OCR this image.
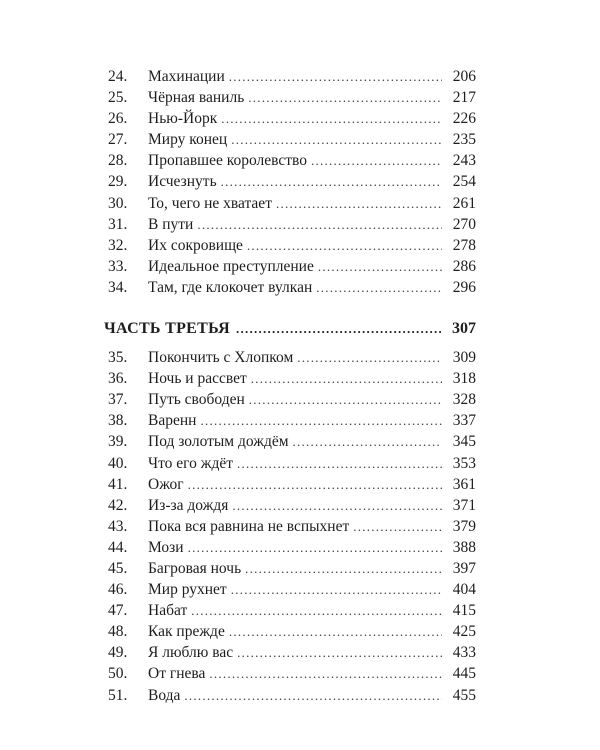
24.	Махинации . . .	206
25.	Чёрная ваниль . . .	217
26.	Нью-Йорк . . .	226
27.	Миру конец . . .	235
28.	Пропавшее королевство . . .	243
29.	Исчезнуть . . .	254
30.	То, чего не хватает . . .	261
31.	В пути . . .	270
32.	Их сокровище . . .	278
33.	Идеальное преступление . . .	286
34.	Там, где клокочет вулкан . . .	296
ЧАСТЬ ТРЕТЬЯ . . .	307
35.	Покончить с Хлопком . . .	309
36.	Ночь и рассвет . . .	318
37.	Путь свободен . . .	328
38.	Варенн . . .	337
39.	Под золотым дождём . . .	345
40.	Что его ждёт . . .	353
41.	Ожог . . .	361
42.	Из-за дождя . . .	371
43.	Пока вся равнина не вспыхнет . . .	379
44.	Мози . . .	388
45.	Багровая ночь . . .	397
46.	Мир рухнет . . .	404
47.	Набат . . .	415
48.	Как прежде . . .	425
49.	Я люблю вас . . .	433
50.	От гнева . . .	445
51.	Вода . . .	455
